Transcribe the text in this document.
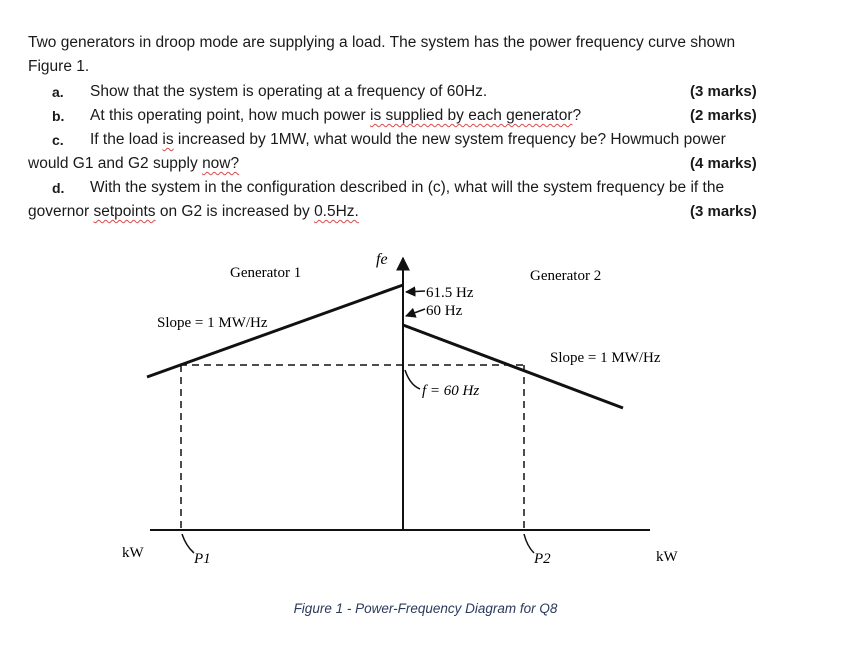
Two generators in droop mode are supplying a load. The system has the power frequency curve shown
Figure 1.
a. Show that the system is operating at a frequency of 60Hz.	(3 marks)
b. At this operating point, how much power is supplied by each generator?	(2 marks)
c. If the load is increased by 1MW, what would the new system frequency be? Howmuch power
would G1 and G2 supply now?	(4 marks)
d. With the system in the configuration described in (c), what will the system frequency be if the
governor setpoints on G2 is increased by 0.5Hz.	(3 marks)
Generator 1	Generator 2
Slope = 1 MW/Hz
Slope = 1 MW/Hz
fe
61.5 Hz
60 Hz
f = 60 Hz
kW	kW
P1	P2
Figure 1 - Power-Frequency Diagram for Q8
